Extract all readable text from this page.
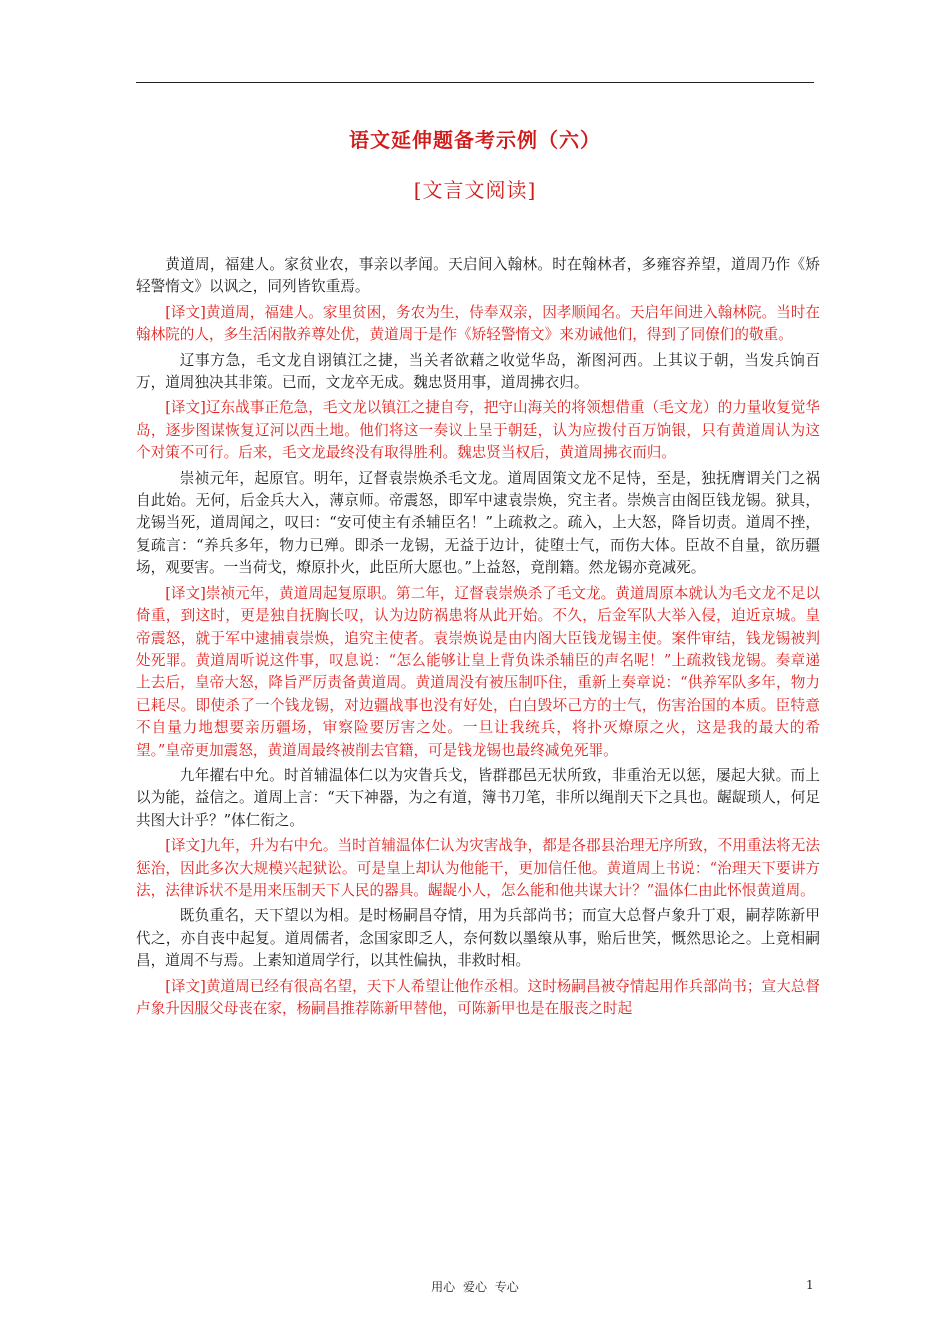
语文延伸题备考示例（六）
[文言文阅读]

黄道周，福建人。家贫业农，事亲以孝闻。天启间入翰林。时在翰林者，多雍容养望，道周乃作《矫轻警惰文》以讽之，同列皆钦重焉。

[译文]黄道周，福建人。家里贫困，务农为生，侍奉双亲，因孝顺闻名。天启年间进入翰林院。当时在翰林院的人，多生活闲散养尊处优，黄道周于是作《矫轻警惰文》来劝诫他们，得到了同僚们的敬重。

辽事方急，毛文龙自诩镇江之捷，当关者欲藉之收觉华岛，渐图河西。上其议于朝，当发兵饷百万，道周独决其非策。已而，文龙卒无成。魏忠贤用事，道周拂衣归。

[译文]辽东战事正危急，毛文龙以镇江之捷自夸，把守山海关的将领想借重（毛文龙）的力量收复觉华岛，逐步图谋恢复辽河以西土地。他们将这一奏议上呈于朝廷，认为应拨付百万饷银，只有黄道周认为这个对策不可行。后来，毛文龙最终没有取得胜利。魏忠贤当权后，黄道周拂衣而归。

崇祯元年，起原官。明年，辽督袁崇焕杀毛文龙。道周固策文龙不足恃，至是，独抚膺谓关门之祸自此始。无何，后金兵大入，薄京师。帝震怒，即军中逮袁崇焕，究主者。崇焕言由阁臣钱龙锡。狱具，龙锡当死，道周闻之，叹曰：“安可使主有杀辅臣名！”上疏救之。疏入，上大怒，降旨切责。道周不挫，复疏言：“养兵多年，物力已殚。即杀一龙锡，无益于边计，徒堕士气，而伤大体。臣故不自量，欲历疆场，观要害。一当荷戈，燎原扑火，此臣所大愿也。”上益怒，竟削籍。然龙锡亦竟减死。

[译文]崇祯元年，黄道周起复原职。第二年，辽督袁崇焕杀了毛文龙。黄道周原本就认为毛文龙不足以倚重，到这时，更是独自抚胸长叹，认为边防祸患将从此开始。不久，后金军队大举入侵，迫近京城。皇帝震怒，就于军中逮捕袁崇焕，追究主使者。袁崇焕说是由内阁大臣钱龙锡主使。案件审结，钱龙锡被判处死罪。黄道周听说这件事，叹息说：“怎么能够让皇上背负诛杀辅臣的声名呢！”上疏救钱龙锡。奏章递上去后，皇帝大怒，降旨严厉责备黄道周。黄道周没有被压制吓住，重新上奏章说：“供养军队多年，物力已耗尽。即使杀了一个钱龙锡，对边疆战事也没有好处，白白毁坏己方的士气，伤害治国的本质。臣特意不自量力地想要亲历疆场，审察险要厉害之处。一旦让我统兵，将扑灭燎原之火，这是我的最大的希望。”皇帝更加震怒，黄道周最终被削去官籍，可是钱龙锡也最终减免死罪。

九年擢右中允。时首辅温体仁以为灾眚兵戈，皆群郡邑无状所致，非重治无以惩，屡起大狱。而上以为能，益信之。道周上言：“天下神器，为之有道，簿书刀笔，非所以绳削天下之具也。龌龊琐人，何足共图大计乎？”体仁衔之。

[译文]九年，升为右中允。当时首辅温体仁认为灾害战争，都是各郡县治理无序所致，不用重法将无法惩治，因此多次大规模兴起狱讼。可是皇上却认为他能干，更加信任他。黄道周上书说：“治理天下要讲方法，法律诉状不是用来压制天下人民的器具。龌龊小人，怎么能和他共谋大计？”温体仁由此怀恨黄道周。

既负重名，天下望以为相。是时杨嗣昌夺情，用为兵部尚书；而宣大总督卢象升丁艰，嗣荐陈新甲代之，亦自丧中起复。道周儒者，念国家即乏人，奈何数以墨缞从事，贻后世笑，慨然思论之。上竟相嗣昌，道周不与焉。上素知道周学行，以其性偏执，非救时相。

[译文]黄道周已经有很高名望，天下人希望让他作丞相。这时杨嗣昌被夺情起用作兵部尚书；宣大总督卢象升因服父母丧在家，杨嗣昌推荐陈新甲替他，可陈新甲也是在服丧之时起

用心 爱心 专心	1
